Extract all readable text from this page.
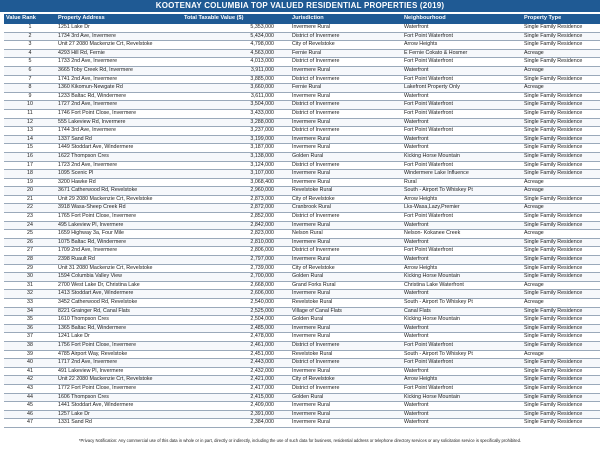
KOOTENAY COLUMBIA TOP VALUED RESIDENTIAL PROPERTIES (2019)
Value Rank	Property Address	Total Taxable Value ($)	Jurisdiction	Neighbourhood	Property Type
1	1251 Lake Dr	5,353,000	Invermere Rural	Waterfront	Single Family Residence
2	1734 3rd Ave, Invermere	5,434,000	District of Invermere	Fort Point Waterfront	Single Family Residence
3	Unit 27 2080 Mackenzie Crt, Revelstoke	4,798,000	City of Revelstoke	Arrow Heights	Single Family Residence
4	4293 Hill Rd, Fernie	4,563,000	Fernie Rural	E Fernie Cokato & Hosmer	Acreage
5	1733 2nd Ave, Invermere	4,013,000	District of Invermere	Fort Point Waterfront	Single Family Residence
6	3665 Toby Creek Rd, Invermere	3,911,000	Invermere Rural	Waterfront	Acreage
7	1741 2nd Ave, Invermere	3,885,000	District of Invermere	Fort Point Waterfront	Single Family Residence
8	1360 Kikomun-Newgate Rd	3,660,000	Fernie Rural	Lakefront Property Only	Acreage
9	1233 Baltac Rd, Windermere	3,611,000	Invermere Rural	Waterfront	Single Family Residence
10	1727 2nd Ave, Invermere	3,504,000	District of Invermere	Fort Point Waterfront	Single Family Residence
11	1746 Fort Point Close, Invermere	3,433,000	District of Invermere	Fort Point Waterfront	Single Family Residence
12	555 Lakeview Rd, Invermere	3,288,000	Invermere Rural	Waterfront	Single Family Residence
13	1744 3rd Ave, Invermere	3,237,000	District of Invermere	Fort Point Waterfront	Single Family Residence
14	1337 Sand Rd	3,199,000	Invermere Rural	Waterfront	Single Family Residence
15	1449 Stoddart Ave, Windermere	3,187,000	Invermere Rural	Waterfront	Single Family Residence
16	1622 Thompson Cres	3,138,000	Golden Rural	Kicking Horse Mountain	Single Family Residence
17	1723 2nd Ave, Invermere	3,124,000	District of Invermere	Fort Point Waterfront	Single Family Residence
18	1095 Scenic Pl	3,107,000	Invermere Rural	Windermere Lake Influence	Single Family Residence
19	3200 Hawke Rd	3,068,400	Invermere Rural	Rural	Acreage
20	3671 Catherwood Rd, Revelstoke	2,960,000	Revelstoke Rural	South - Airport To Whiskey Pt	Acreage
21	Unit 29 2080 Mackenzie Crt, Revelstoke	2,873,000	City of Revelstoke	Arrow Heights	Single Family Residence
22	3918 Wasa-Sheep Creek Rd	2,872,000	Cranbrook Rural	Lks-Wasa,Lazy,Premier	Acreage
23	1765 Fort Point Close, Invermere	2,852,000	District of Invermere	Fort Point Waterfront	Single Family Residence
24	495 Lakeview Pl, Invermere	2,842,000	Invermere Rural	Waterfront	Single Family Residence
25	1659 Highway 3a, Four Mile	2,823,000	Nelson Rural	Nelson- Kokanee Creek	Acreage
26	1075 Baltac Rd, Windermere	2,810,000	Invermere Rural	Waterfront	Single Family Residence
27	1709 2nd Ave, Invermere	2,806,000	District of Invermere	Fort Point Waterfront	Single Family Residence
28	2398 Ruault Rd	2,797,000	Invermere Rural	Waterfront	Single Family Residence
29	Unit 31 2080 Mackenzie Crt, Revelstoke	2,739,000	City of Revelstoke	Arrow Heights	Single Family Residence
30	1594 Columbia Valley View	2,700,000	Golden Rural	Kicking Horse Mountain	Single Family Residence
31	2700 West Lake Dr, Christina Lake	2,668,000	Grand Forks Rural	Christina Lake Waterfront	Acreage
32	1413 Stoddart Ave, Windermere	2,606,000	Invermere Rural	Waterfront	Single Family Residence
33	3452 Catherwood Rd, Revelstoke	2,540,000	Revelstoke Rural	South - Airport To Whiskey Pt	Acreage
34	8221 Grainger Rd, Canal Flats	2,525,000	Village of Canal Flats	Canal Flats	Single Family Residence
35	1610 Thompson Cres	2,504,000	Golden Rural	Kicking Horse Mountain	Single Family Residence
36	1365 Baltac Rd, Windermere	2,485,000	Invermere Rural	Waterfront	Single Family Residence
37	1241 Lake Dr	2,478,000	Invermere Rural	Waterfront	Single Family Residence
38	1756 Fort Point Close, Invermere	2,461,000	District of Invermere	Fort Point Waterfront	Single Family Residence
39	4785 Airport Way, Revelstoke	2,451,000	Revelstoke Rural	South - Airport To Whiskey Pt	Acreage
40	1717 2nd Ave, Invermere	2,443,000	District of Invermere	Fort Point Waterfront	Single Family Residence
41	491 Lakeview Pl, Invermere	2,432,000	Invermere Rural	Waterfront	Single Family Residence
42	Unit 22 2080 Mackenzie Crt, Revelstoke	2,421,000	City of Revelstoke	Arrow Heights	Single Family Residence
43	1772 Fort Point Close, Invermere	2,417,000	District of Invermere	Fort Point Waterfront	Single Family Residence
44	1606 Thompson Cres	2,415,000	Golden Rural	Kicking Horse Mountain	Single Family Residence
45	1441 Stoddart Ave, Windermere	2,409,000	Invermere Rural	Waterfront	Single Family Residence
46	1257 Lake Dr	2,391,000	Invermere Rural	Waterfront	Single Family Residence
47	1331 Sand Rd	2,384,000	Invermere Rural	Waterfront	Single Family Residence
*Privacy Notification: Any commercial use of this data in whole or in part, directly or indirectly, including the use of such data for business, residential address or telephone directory services or any solicitation service is specifically prohibited.
